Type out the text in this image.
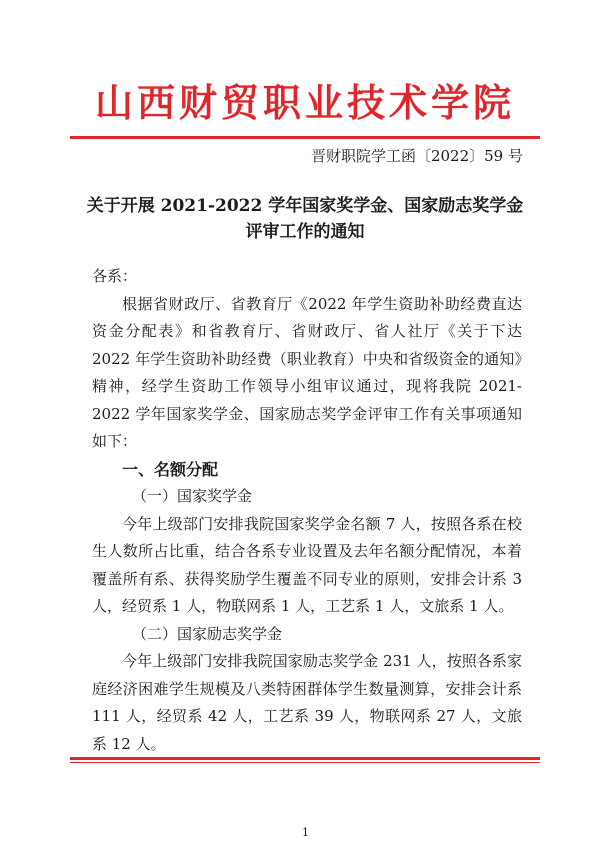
山西财贸职业技术学院
晋财职院学工函〔2022〕59 号
关于开展 2021-2022 学年国家奖学金、国家励志奖学金
评审工作的通知

各系：

根据省财政厅、省教育厅《2022 年学生资助补助经费直达资金分配表》和省教育厅、省财政厅、省人社厅《关于下达 2022 年学生资助补助经费（职业教育）中央和省级资金的通知》精神，经学生资助工作领导小组审议通过，现将我院 2021-2022 学年国家奖学金、国家励志奖学金评审工作有关事项通知如下：

一、名额分配

（一）国家奖学金

今年上级部门安排我院国家奖学金名额 7 人，按照各系在校生人数所占比重，结合各系专业设置及去年名额分配情况，本着覆盖所有系、获得奖励学生覆盖不同专业的原则，安排会计系 3 人，经贸系 1 人，物联网系 1 人，工艺系 1 人，文旅系 1 人。

（二）国家励志奖学金

今年上级部门安排我院国家励志奖学金 231 人，按照各系家庭经济困难学生规模及八类特困群体学生数量测算，安排会计系 111 人，经贸系 42 人，工艺系 39 人，物联网系 27 人，文旅系 12 人。

1
